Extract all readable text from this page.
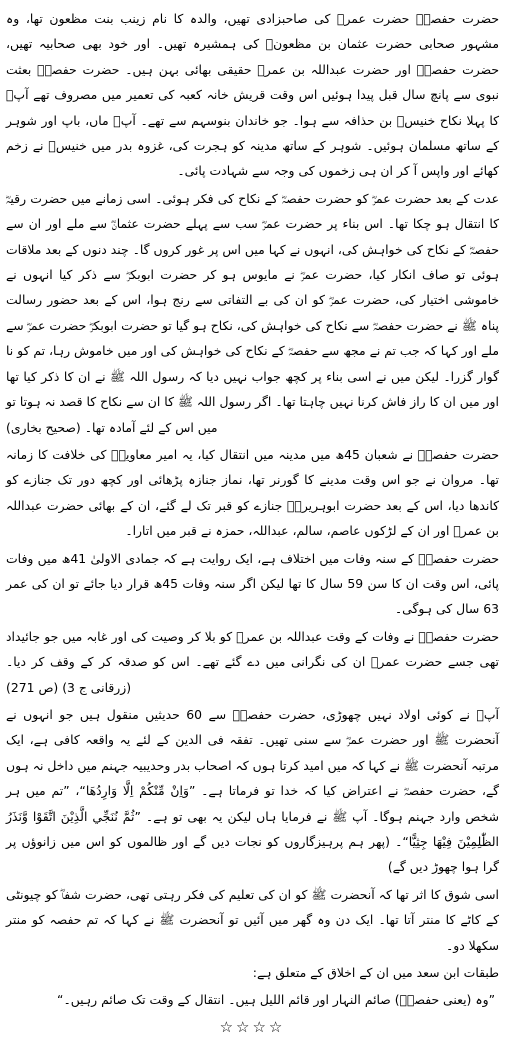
حضرت حفصہؓ حضرت عمرؓ کی صاحبزادی تھیں، والدہ کا نام زینب بنت مظعون تھا، وہ مشہور صحابی حضرت عثمان بن مظعونؓ کی ہمشیرہ تھیں۔ اور خود بھی صحابیہ تھیں، حضرت حفصہؓ اور حضرت عبداللہ بن عمرؓ حقیقی بھائی بہن ہیں۔ حضرت حفصہؓ بعثت نبوی سے پانچ سال قبل پیدا ہوئیں اس وقت قریش خانہ کعبہ کی تعمیر میں مصروف تھے آپؓ کا پہلا نکاح خنیسؓ بن حذافہ سے ہوا۔ جو خاندان بنوسہم سے تھے۔ آپؓ ماں، باپ اور شوہر کے ساتھ مسلمان ہوئیں۔ شوہر کے ساتھ مدینہ کو ہجرت کی، غزوہ بدر میں خنیسؓ نے زخم کھائے اور واپس آ کر ان ہی زخموں کی وجہ سے شہادت پائی۔

عدت کے بعد حضرت عمرؓ کو حضرت حفصہؓ کے نکاح کی فکر ہوئی۔ اسی زمانے میں حضرت رقیہؓ کا انتقال ہو چکا تھا۔ اس بناء پر حضرت عمرؓ سب سے پہلے حضرت عثمانؓ سے ملے اور ان سے حفصہؓ کے نکاح کی خواہش کی، انہوں نے کہا میں اس پر غور کروں گا۔ چند دنوں کے بعد ملاقات ہوئی تو صاف انکار کیا، حضرت عمرؓ نے مایوس ہو کر حضرت ابوبکرؓ سے ذکر کیا انہوں نے خاموشی اختیار کی، حضرت عمرؓ کو ان کی بے التفاتی سے رنج ہوا، اس کے بعد حضور رسالت پناہ ﷺ نے حضرت حفصہؓ سے نکاح کی خواہش کی، نکاح ہو گیا تو حضرت ابوبکرؓ حضرت عمرؓ سے ملے اور کہا کہ جب تم نے مجھ سے حفصہؓ کے نکاح کی خواہش کی اور میں خاموش رہا، تم کو نا گوار گزرا۔ لیکن میں نے اسی بناء پر کچھ جواب نہیں دیا کہ رسول اللہ ﷺ نے ان کا ذکر کیا تھا اور میں ان کا راز فاش کرنا نہیں چاہتا تھا۔ اگر رسول اللہ ﷺ کا ان سے نکاح کا قصد نہ ہوتا تو میں اس کے لئے آمادہ تھا۔ (صحیح بخاری)

حضرت حفصہؓ نے شعبان 45ھ میں مدینہ میں انتقال کیا، یہ امیر معاویہؓ کی خلافت کا زمانہ تھا۔ مروان نے جو اس وقت مدینے کا گورنر تھا، نماز جنازہ پڑھائی اور کچھ دور تک جنازے کو کاندھا دیا، اس کے بعد حضرت ابوہریرہؓ جنازے کو قبر تک لے گئے، ان کے بھائی حضرت عبداللہ بن عمرؓ اور ان کے لڑکوں عاصم، سالم، عبداللہ، حمزہ نے قبر میں اتارا۔

حضرت حفصہؓ کے سنہ وفات میں اختلاف ہے، ایک روایت ہے کہ جمادی الاولیٰ 41ھ میں وفات پائی، اس وقت ان کا سن 59 سال کا تھا لیکن اگر سنہ وفات 45ھ قرار دیا جائے تو ان کی عمر 63 سال کی ہوگی۔

حضرت حفصہؓ نے وفات کے وقت عبداللہ بن عمرؓ کو بلا کر وصیت کی اور غابہ میں جو جائیداد تھی جسے حضرت عمرؓ ان کی نگرانی میں دے گئے تھے۔ اس کو صدقہ کر کے وقف کر دیا۔ (زرقانی ج 3) (ص 271)

آپؓ نے کوئی اولاد نہیں چھوڑی، حضرت حفصہؓ سے 60 حدیثیں منقول ہیں جو انہوں نے آنحضرت ﷺ اور حضرت عمرؓ سے سنی تھیں۔ تفقہ فی الدین کے لئے یہ واقعہ کافی ہے، ایک مرتبہ آنحضرت ﷺ نے کہا کہ میں امید کرتا ہوں کہ اصحاب بدر وحدیبیہ جہنم میں داخل نہ ہوں گے، حضرت حفصہؓ نے اعتراض کیا کہ خدا تو فرماتا ہے۔ ”وَاِنْ مِّنْكُمْ اِلَّا وَارِدُهَا“، ”تم میں ہر شخص وارد جہنم ہوگا۔ آپ ﷺ نے فرمایا ہاں لیکن یہ بھی تو ہے۔ ”ثُمَّ نُنَجِّي الَّذِيْنَ اتَّقَوْا وَّنَذَرُ الظّٰلِمِيْنَ فِيْهَا جِثِيًّا“۔ (پھر ہم پرہیزگاروں کو نجات دیں گے اور ظالموں کو اس میں زانوؤں پر گرا ہوا چھوڑ دیں گے)

اسی شوق کا اثر تھا کہ آنحضرت ﷺ کو ان کی تعلیم کی فکر رہتی تھی، حضرت شفاؓ کو چیونٹی کے کاٹے کا منتر آتا تھا۔ ایک دن وہ گھر میں آئیں تو آنحضرت ﷺ نے کہا کہ تم حفصہ کو منتر سکھلا دو۔

طبقات ابن سعد میں ان کے اخلاق کے متعلق ہے:

”وہ (یعنی حفصہؓ) صائم النہار اور قائم اللیل ہیں۔ انتقال کے وقت تک صائم رہیں۔“

☆☆☆☆
